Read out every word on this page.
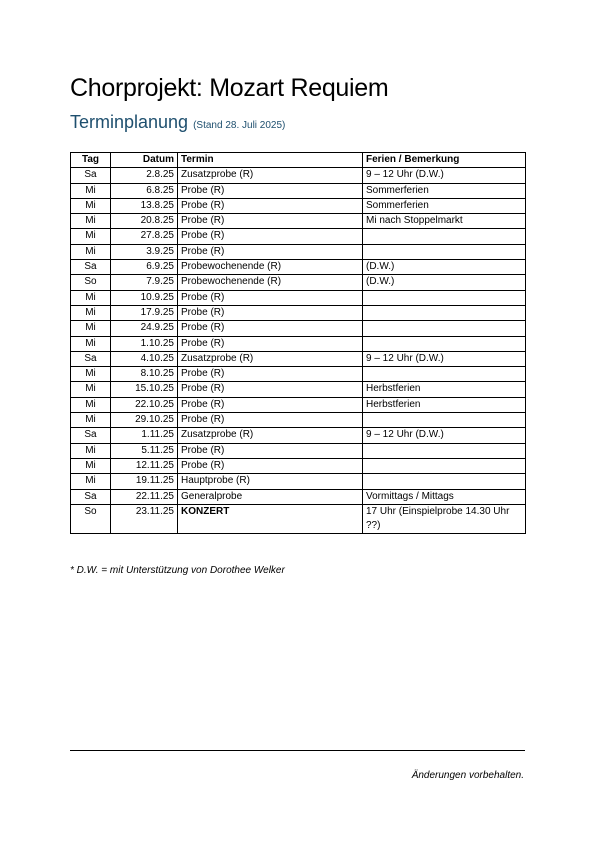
Chorprojekt: Mozart Requiem
Terminplanung (Stand 28. Juli 2025)
Tag	Datum	Termin	Ferien / Bemerkung
Sa	2.8.25	Zusatzprobe (R)	9 – 12 Uhr (D.W.)
Mi	6.8.25	Probe (R)	Sommerferien
Mi	13.8.25	Probe (R)	Sommerferien
Mi	20.8.25	Probe (R)	Mi nach Stoppelmarkt
Mi	27.8.25	Probe (R)	
Mi	3.9.25	Probe (R)	
Sa	6.9.25	Probewochenende (R)	(D.W.)
So	7.9.25	Probewochenende (R)	(D.W.)
Mi	10.9.25	Probe (R)	
Mi	17.9.25	Probe (R)	
Mi	24.9.25	Probe (R)	
Mi	1.10.25	Probe (R)	
Sa	4.10.25	Zusatzprobe (R)	9 – 12 Uhr (D.W.)
Mi	8.10.25	Probe (R)	
Mi	15.10.25	Probe (R)	Herbstferien
Mi	22.10.25	Probe (R)	Herbstferien
Mi	29.10.25	Probe (R)	
Sa	1.11.25	Zusatzprobe (R)	9 – 12 Uhr (D.W.)
Mi	5.11.25	Probe (R)	
Mi	12.11.25	Probe (R)	
Mi	19.11.25	Hauptprobe (R)	
Sa	22.11.25	Generalprobe	Vormittags / Mittags
So	23.11.25	KONZERT	17 Uhr (Einspielprobe 14.30 Uhr ??)

* D.W. = mit Unterstützung von Dorothee Welker

Änderungen vorbehalten.
